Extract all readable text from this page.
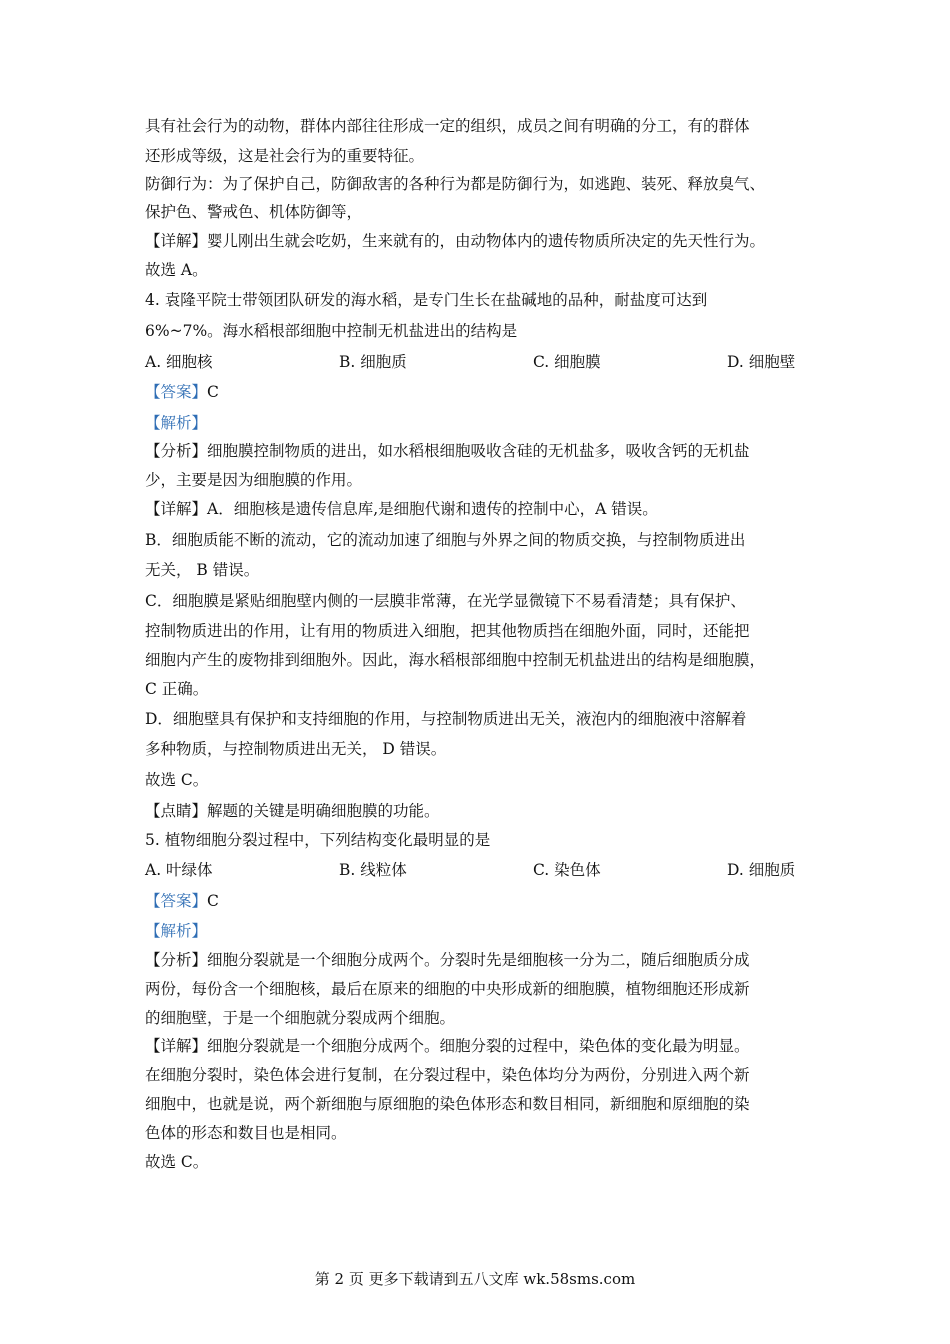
具有社会行为的动物，群体内部往往形成一定的组织，成员之间有明确的分工，有的群体
还形成等级，这是社会行为的重要特征。
防御行为：为了保护自己，防御敌害的各种行为都是防御行为，如逃跑、装死、释放臭气、
保护色、警戒色、机体防御等，
【详解】婴儿刚出生就会吃奶，生来就有的，由动物体内的遗传物质所决定的先天性行为。
故选 A。
4. 袁隆平院士带领团队研发的海水稻，是专门生长在盐碱地的品种，耐盐度可达到
6%~7%。海水稻根部细胞中控制无机盐进出的结构是
A. 细胞核	B. 细胞质	C. 细胞膜	D. 细胞壁
【答案】C
【解析】
【分析】细胞膜控制物质的进出，如水稻根细胞吸收含硅的无机盐多，吸收含钙的无机盐
少，主要是因为细胞膜的作用。
【详解】A．细胞核是遗传信息库,是细胞代谢和遗传的控制中心，A 错误。
B．细胞质能不断的流动，它的流动加速了细胞与外界之间的物质交换，与控制物质进出
无关， B 错误。
C．细胞膜是紧贴细胞壁内侧的一层膜非常薄，在光学显微镜下不易看清楚；具有保护、
控制物质进出的作用，让有用的物质进入细胞，把其他物质挡在细胞外面，同时，还能把
细胞内产生的废物排到细胞外。因此，海水稻根部细胞中控制无机盐进出的结构是细胞膜，
C 正确。
D．细胞壁具有保护和支持细胞的作用，与控制物质进出无关，液泡内的细胞液中溶解着
多种物质，与控制物质进出无关， D 错误。
故选 C。
【点睛】解题的关键是明确细胞膜的功能。
5. 植物细胞分裂过程中，下列结构变化最明显的是
A. 叶绿体	B. 线粒体	C. 染色体	D. 细胞质
【答案】C
【解析】
【分析】细胞分裂就是一个细胞分成两个。分裂时先是细胞核一分为二，随后细胞质分成
两份，每份含一个细胞核，最后在原来的细胞的中央形成新的细胞膜，植物细胞还形成新
的细胞壁，于是一个细胞就分裂成两个细胞。
【详解】细胞分裂就是一个细胞分成两个。细胞分裂的过程中，染色体的变化最为明显。
在细胞分裂时，染色体会进行复制，在分裂过程中，染色体均分为两份，分别进入两个新
细胞中，也就是说，两个新细胞与原细胞的染色体形态和数目相同，新细胞和原细胞的染
色体的形态和数目也是相同。
故选 C。
第 2 页 更多下载请到五八文库 wk.58sms.com
